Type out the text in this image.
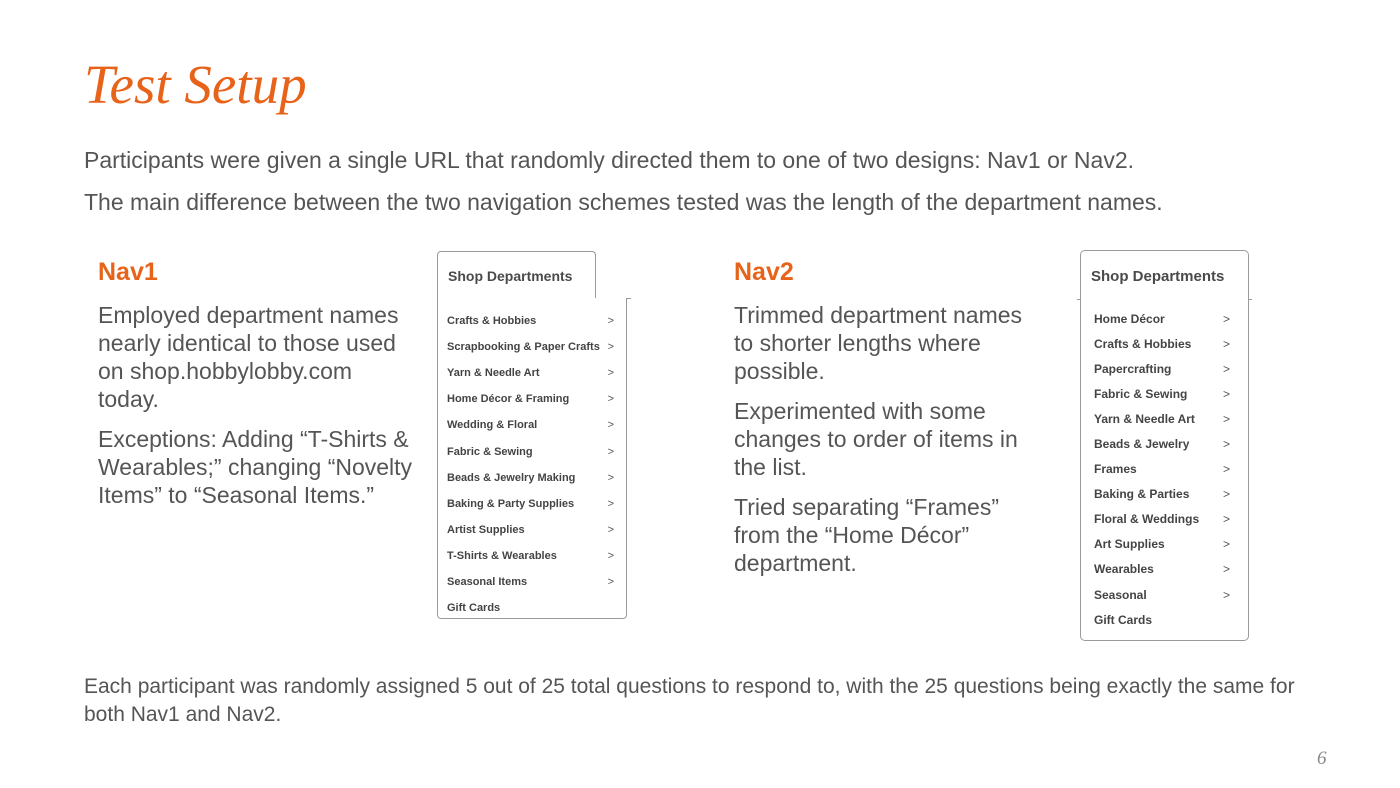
Test Setup

Participants were given a single URL that randomly directed them to one of two designs: Nav1 or Nav2.

The main difference between the two navigation schemes tested was the length of the department names.

Nav1

Employed department names nearly identical to those used on shop.hobbylobby.com today.

Exceptions: Adding “T-Shirts & Wearables;” changing “Novelty Items” to “Seasonal Items.”

Shop Departments
Crafts & Hobbies	>
Scrapbooking & Paper Crafts >
Yarn & Needle Art	>
Home Décor & Framing	>
Wedding & Floral	>
Fabric & Sewing	>
Beads & Jewelry Making	>
Baking & Party Supplies	>
Artist Supplies	>
T-Shirts & Wearables	>
Seasonal Items	>
Gift Cards
Nav2

Trimmed department names to shorter lengths where possible.

Experimented with some changes to order of items in the list.

Tried separating “Frames” from the “Home Décor” department.

Shop Departments
Home Décor	>
Crafts & Hobbies	>
Papercrafting	>
Fabric & Sewing	>
Yarn & Needle Art >
Beads & Jewelry	>
Frames	>
Baking & Parties	>
Floral & Weddings >
Art Supplies	>
Wearables	>
Seasonal	>
Gift Cards

Each participant was randomly assigned 5 out of 25 total questions to respond to, with the 25 questions being exactly the same for both Nav1 and Nav2.

6
